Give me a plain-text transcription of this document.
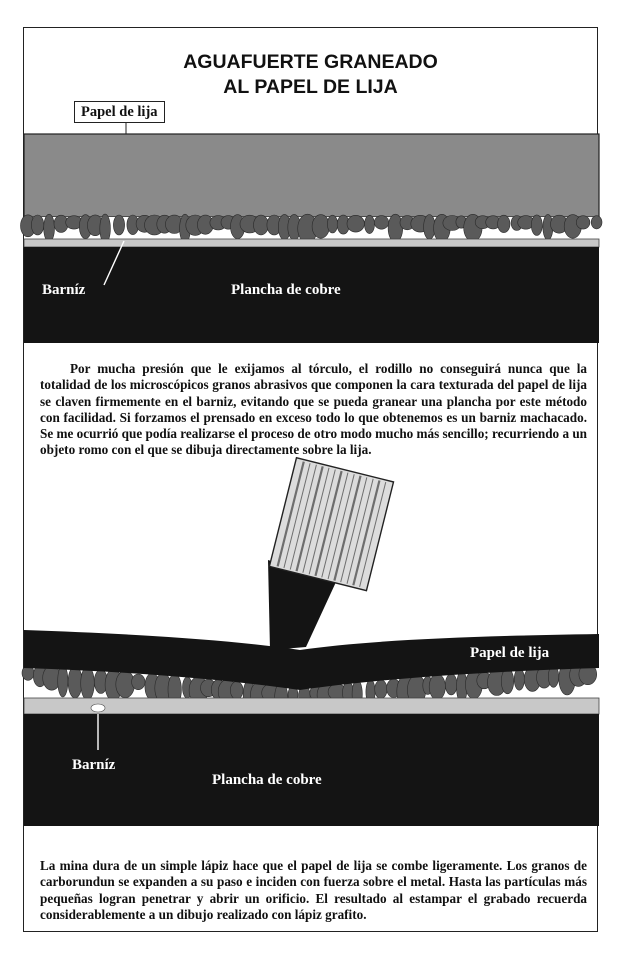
AGUAFUERTE GRANEADO
AL PAPEL DE LIJA
Barníz	Plancha de cobre
Barníz
Plancha de cobre
Papel de lija
Papel de lija

Por mucha presión que le exijamos al tórculo, el rodillo no conseguirá nunca que la totalidad de los microscópicos granos abrasivos que componen la cara texturada del papel de lija se claven firmemente en el barniz, evitando que se pueda granear una plancha por este método con facilidad. Si forzamos el prensado en exceso todo lo que obtenemos es un barniz machacado. Se me ocurrió que podía realizarse el proceso de otro modo mucho más sencillo; recurriendo a un objeto romo con el que se dibuja directamente sobre la lija.

La mina dura de un simple lápiz hace que el papel de lija se combe ligeramente. Los granos de carborundun se expanden a su paso e inciden con fuerza sobre el metal. Hasta las partículas más pequeñas logran penetrar y abrir un orificio. El resultado al estampar el grabado recuerda considerablemente a un dibujo realizado con lápiz grafito.
